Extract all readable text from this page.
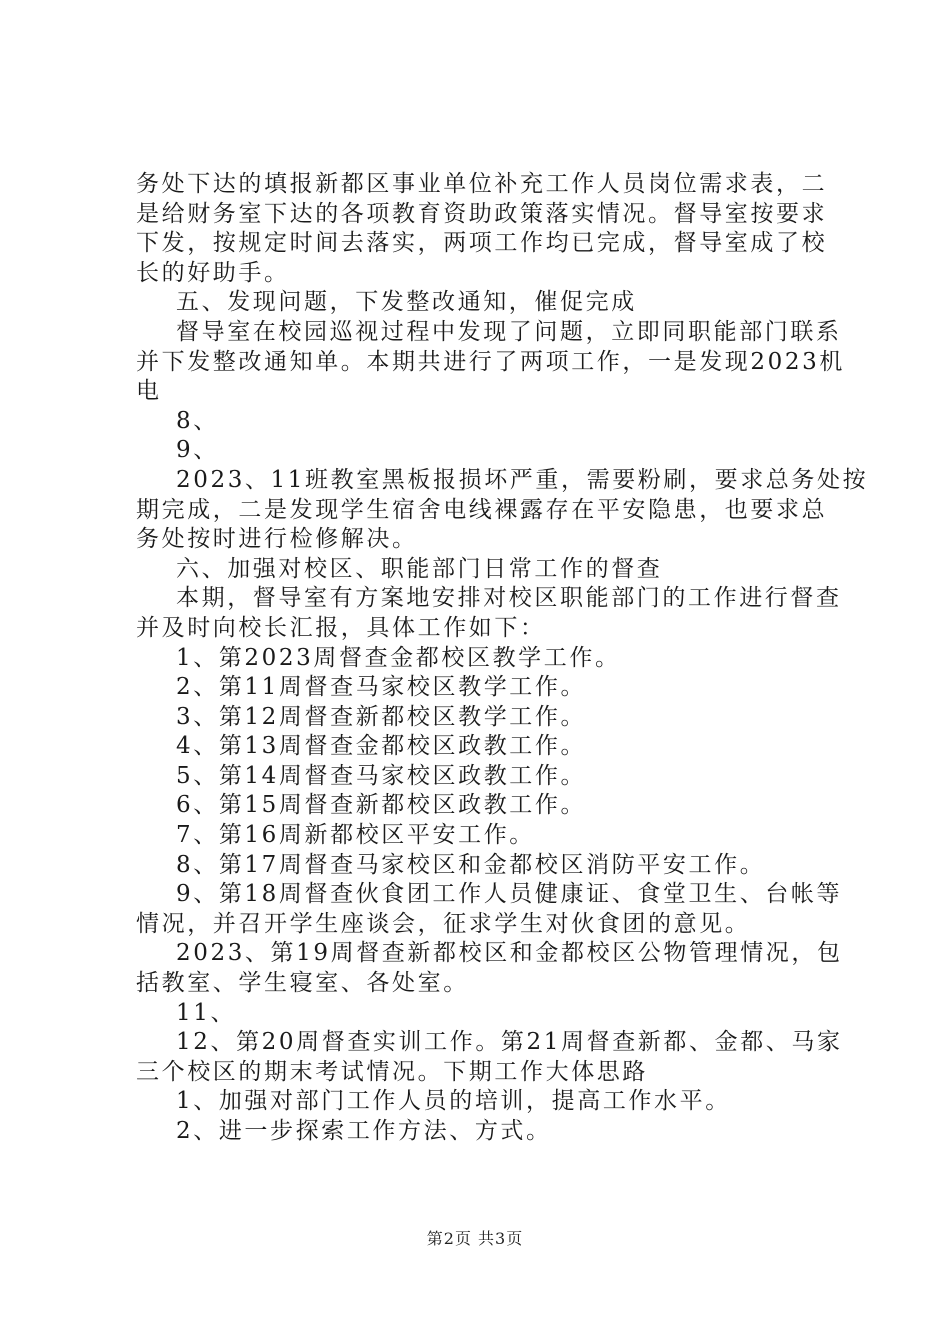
务处下达的填报新都区事业单位补充工作人员岗位需求表，二
是给财务室下达的各项教育资助政策落实情况。督导室按要求
下发，按规定时间去落实，两项工作均已完成，督导室成了校
长的好助手。
五、发现问题，下发整改通知，催促完成
督导室在校园巡视过程中发现了问题，立即同职能部门联系
并下发整改通知单。本期共进行了两项工作，一是发现2023机
电
8、
9、
2023、11班教室黑板报损坏严重，需要粉刷，要求总务处按
期完成，二是发现学生宿舍电线裸露存在平安隐患，也要求总
务处按时进行检修解决。
六、加强对校区、职能部门日常工作的督查
本期，督导室有方案地安排对校区职能部门的工作进行督查
并及时向校长汇报，具体工作如下：
1、第2023周督查金都校区教学工作。
2、第11周督查马家校区教学工作。
3、第12周督查新都校区教学工作。
4、第13周督查金都校区政教工作。
5、第14周督查马家校区政教工作。
6、第15周督查新都校区政教工作。
7、第16周新都校区平安工作。
8、第17周督查马家校区和金都校区消防平安工作。
9、第18周督查伙食团工作人员健康证、食堂卫生、台帐等
情况，并召开学生座谈会，征求学生对伙食团的意见。
2023、第19周督查新都校区和金都校区公物管理情况，包
括教室、学生寝室、各处室。
11、
12、第20周督查实训工作。第21周督查新都、金都、马家
三个校区的期末考试情况。下期工作大体思路
1、加强对部门工作人员的培训，提高工作水平。
2、进一步探索工作方法、方式。
第2页 共3页
